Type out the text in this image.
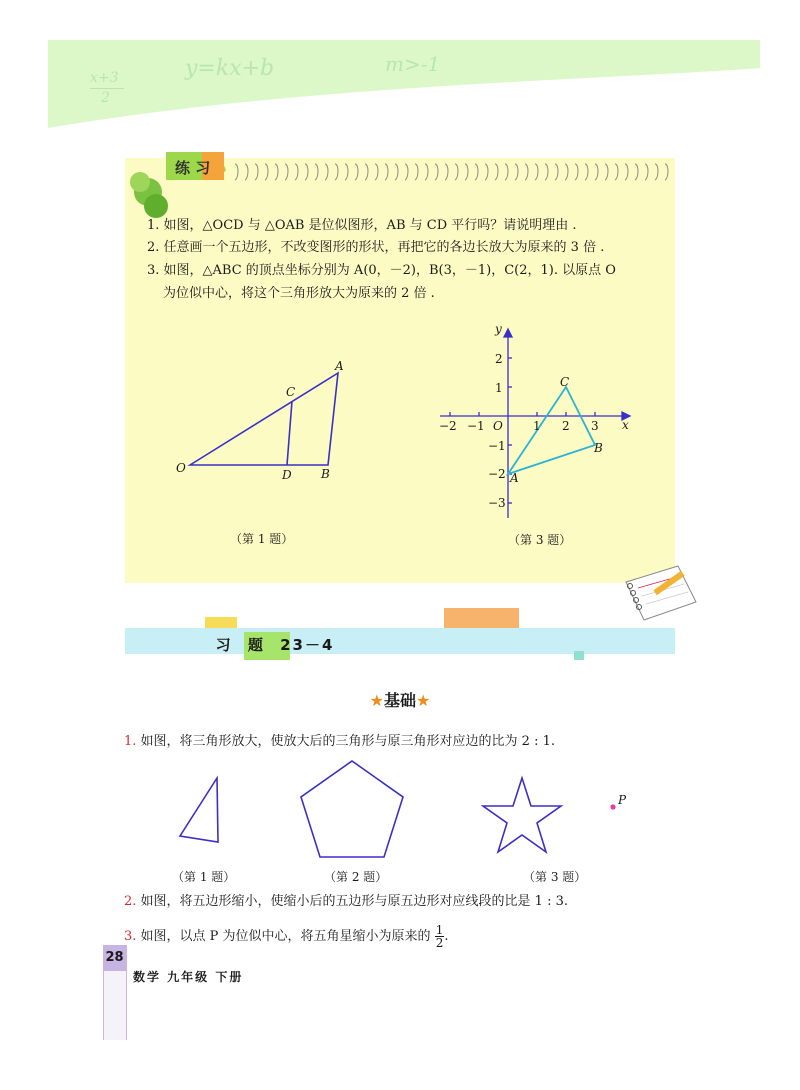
x+3
2
y=kx+b	m>-1
练 习
1. 如图，△OCD 与 △OAB 是位似图形，AB 与 CD 平行吗？请说明理由 .
2. 任意画一个五边形，不改变图形的形状，再把它的各边长放大为原来的 3 倍 .
3. 如图，△ABC 的顶点坐标分别为 A(0，－2)，B(3，－1)，C(2，1). 以原点 O
为位似中心，将这个三角形放大为原来的 2 倍 .
O
A
B
C
D
（第 1 题）
y
x
O
−2 −1	1 2 3
2
1
−1
−2
−3
A
B
C
（第 3 题）
习 题 23－4
★基础★
1. 如图，将三角形放大，使放大后的三角形与原三角形对应边的比为 2 : 1.
P
（第 1 题）	（第 2 题）	（第 3 题）
2. 如图，将五边形缩小，使缩小后的五边形与原五边形对应线段的比是 1 : 3.
3. 如图，以点 P 为位似中心，将五角星缩小为原来的 $\frac{1}{2}$ .
28
数学 九年级 下册
